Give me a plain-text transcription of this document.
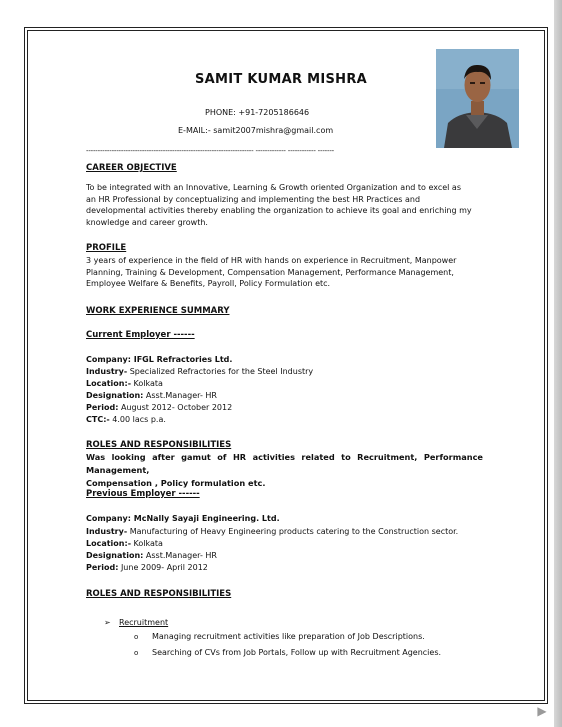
SAMIT KUMAR MISHRA
PHONE: +91-7205186646
E-MAIL:- samit2007mishra@gmail.com
------------------------------------------------------------------------ ------------- ------------ -------
CAREER OBJECTIVE
To be integrated with an Innovative, Learning & Growth oriented Organization and to excel as
an HR Professional by conceptualizing and implementing the best HR Practices and
developmental activities thereby enabling the organization to achieve its goal and enriching my
knowledge and career growth.
PROFILE
3 years of experience in the field of HR with hands on experience in Recruitment, Manpower
Planning, Training & Development, Compensation Management, Performance Management,
Employee Welfare & Benefits, Payroll, Policy Formulation etc.
WORK EXPERIENCE SUMMARY
Current Employer ------
Company: IFGL Refractories Ltd.
Industry- Specialized Refractories for the Steel Industry
Location:- Kolkata
Designation: Asst.Manager- HR
Period: August 2012- October 2012
CTC:- 4.00 lacs p.a.
ROLES AND RESPONSIBILITIES
Was looking after gamut of HR activities related to Recruitment, Performance Management,
Compensation , Policy formulation etc.
Previous Employer ------
Company: McNally Sayaji Engineering. Ltd.
Industry- Manufacturing of Heavy Engineering products catering to the Construction sector.
Location:- Kolkata
Designation: Asst.Manager- HR
Period: June 2009- April 2012
ROLES AND RESPONSIBILITIES
➢ Recruitment
o Managing recruitment activities like preparation of Job Descriptions.
o Searching of CVs from Job Portals, Follow up with Recruitment Agencies.
▶
